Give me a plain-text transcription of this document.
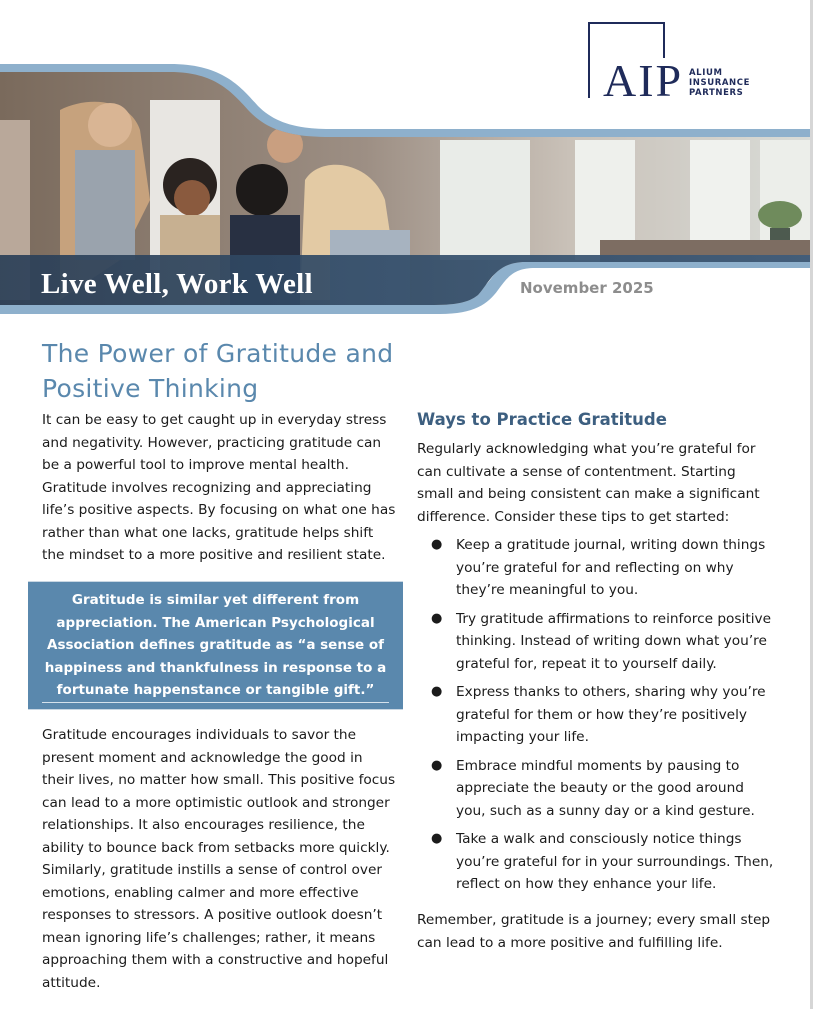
Live Well, Work Well	November 2025
AIP ALIUM
INSURANCE
PARTNERS
The Power of Gratitude and Positive Thinking
It can be easy to get caught up in everyday stress and negativity. However, practicing gratitude can be a powerful tool to improve mental health. Gratitude involves recognizing and appreciating life’s positive aspects. By focusing on what one has rather than what one lacks, gratitude helps shift the mindset to a more positive and resilient state.
Gratitude is similar yet different from appreciation. The American Psychological Association defines gratitude as “a sense of happiness and thankfulness in response to a fortunate happenstance or tangible gift.”
Gratitude encourages individuals to savor the present moment and acknowledge the good in their lives, no matter how small. This positive focus can lead to a more optimistic outlook and stronger relationships. It also encourages resilience, the ability to bounce back from setbacks more quickly. Similarly, gratitude instills a sense of control over emotions, enabling calmer and more effective responses to stressors. A positive outlook doesn’t mean ignoring life’s challenges; rather, it means approaching them with a constructive and hopeful attitude.
Ways to Practice Gratitude
Regularly acknowledging what you’re grateful for can cultivate a sense of contentment. Starting small and being consistent can make a significant difference. Consider these tips to get started:
● Keep a gratitude journal, writing down things you’re grateful for and reflecting on why they’re meaningful to you.
● Try gratitude affirmations to reinforce positive thinking. Instead of writing down what you’re grateful for, repeat it to yourself daily.
● Express thanks to others, sharing why you’re grateful for them or how they’re positively impacting your life.
● Embrace mindful moments by pausing to appreciate the beauty or the good around you, such as a sunny day or a kind gesture.
● Take a walk and consciously notice things you’re grateful for in your surroundings. Then, reflect on how they enhance your life.
Remember, gratitude is a journey; every small step can lead to a more positive and fulfilling life.
